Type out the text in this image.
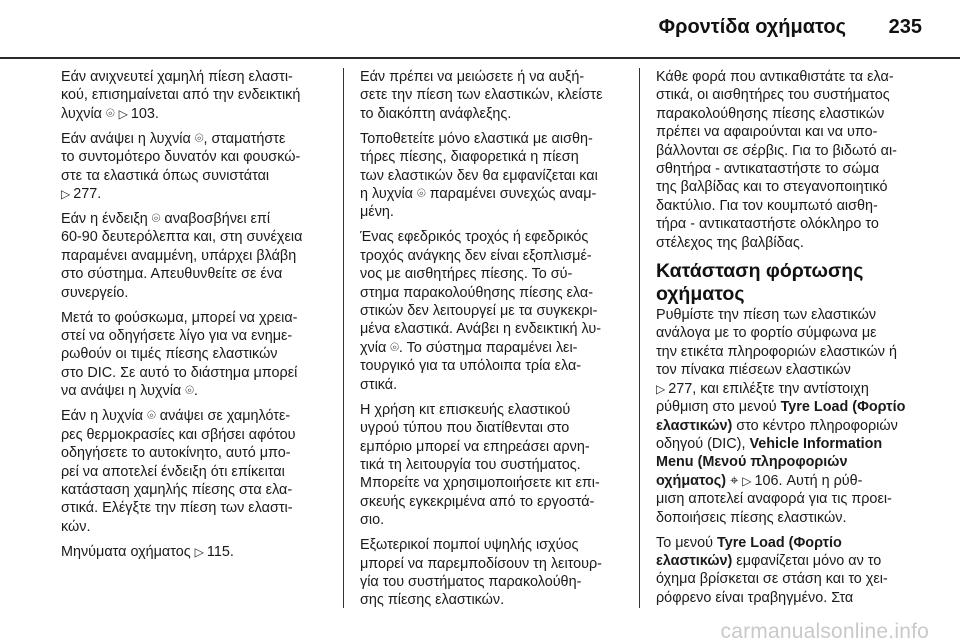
Φροντίδα οχήματος 235

Εάν ανιχνευτεί χαμηλή πίεση ελαστι-
κού, επισημαίνεται από την ενδεικτική
λυχνία ⌾ ▷ 103.

Εάν ανάψει η λυχνία ⌾, σταματήστε
το συντομότερο δυνατόν και φουσκώ-
στε τα ελαστικά όπως συνιστάται
▷ 277.

Εάν η ένδειξη ⌾ αναβοσβήνει επί
60-90 δευτερόλεπτα και, στη συνέχεια
παραμένει αναμμένη, υπάρχει βλάβη
στο σύστημα. Απευθυνθείτε σε ένα
συνεργείο.

Μετά το φούσκωμα, μπορεί να χρεια-
στεί να οδηγήσετε λίγο για να ενημε-
ρωθούν οι τιμές πίεσης ελαστικών
στο DIC. Σε αυτό το διάστημα μπορεί
να ανάψει η λυχνία ⌾.

Εάν η λυχνία ⌾ ανάψει σε χαμηλότε-
ρες θερμοκρασίες και σβήσει αφότου
οδηγήσετε το αυτοκίνητο, αυτό μπο-
ρεί να αποτελεί ένδειξη ότι επίκειται
κατάσταση χαμηλής πίεσης στα ελα-
στικά. Ελέγξτε την πίεση των ελαστι-
κών.

Μηνύματα οχήματος ▷ 115.

Εάν πρέπει να μειώσετε ή να αυξή-
σετε την πίεση των ελαστικών, κλείστε
το διακόπτη ανάφλεξης.

Τοποθετείτε μόνο ελαστικά με αισθη-
τήρες πίεσης, διαφορετικά η πίεση
των ελαστικών δεν θα εμφανίζεται και
η λυχνία ⌾ παραμένει συνεχώς αναμ-
μένη.

Ένας εφεδρικός τροχός ή εφεδρικός
τροχός ανάγκης δεν είναι εξοπλισμέ-
νος με αισθητήρες πίεσης. Το σύ-
στημα παρακολούθησης πίεσης ελα-
στικών δεν λειτουργεί με τα συγκεκρι-
μένα ελαστικά. Ανάβει η ενδεικτική λυ-
χνία ⌾. Το σύστημα παραμένει λει-
τουργικό για τα υπόλοιπα τρία ελα-
στικά.

Η χρήση κιτ επισκευής ελαστικού
υγρού τύπου που διατίθενται στο
εμπόριο μπορεί να επηρεάσει αρνη-
τικά τη λειτουργία του συστήματος.
Μπορείτε να χρησιμοποιήσετε κιτ επι-
σκευής εγκεκριμένα από το εργοστά-
σιο.

Εξωτερικοί πομποί υψηλής ισχύος
μπορεί να παρεμποδίσουν τη λειτουρ-
γία του συστήματος παρακολούθη-
σης πίεσης ελαστικών.

Κάθε φορά που αντικαθιστάτε τα ελα-
στικά, οι αισθητήρες του συστήματος
παρακολούθησης πίεσης ελαστικών
πρέπει να αφαιρούνται και να υπο-
βάλλονται σε σέρβις. Για το βιδωτό αι-
σθητήρα - αντικαταστήστε το σώμα
της βαλβίδας και το στεγανοποιητικό
δακτύλιο. Για τον κουμπωτό αισθη-
τήρα - αντικαταστήστε ολόκληρο το
στέλεχος της βαλβίδας.

Κατάσταση φόρτωσης
οχήματος

Ρυθμίστε την πίεση των ελαστικών
ανάλογα με το φορτίο σύμφωνα με
την ετικέτα πληροφοριών ελαστικών ή
τον πίνακα πιέσεων ελαστικών
▷ 277, και επιλέξτε την αντίστοιχη
ρύθμιση στο μενού Tyre Load (Φορτίο
ελαστικών) στο κέντρο πληροφοριών
οδηγού (DIC), Vehicle Information
Menu (Μενού πληροφοριών
οχήματος) ⌖ ▷ 106. Αυτή η ρύθ-
μιση αποτελεί αναφορά για τις προει-
δοποιήσεις πίεσης ελαστικών.

Το μενού Tyre Load (Φορτίο
ελαστικών) εμφανίζεται μόνο αν το
όχημα βρίσκεται σε στάση και το χει-
ρόφρενο είναι τραβηγμένο. Στα

carmanualsonline.info
